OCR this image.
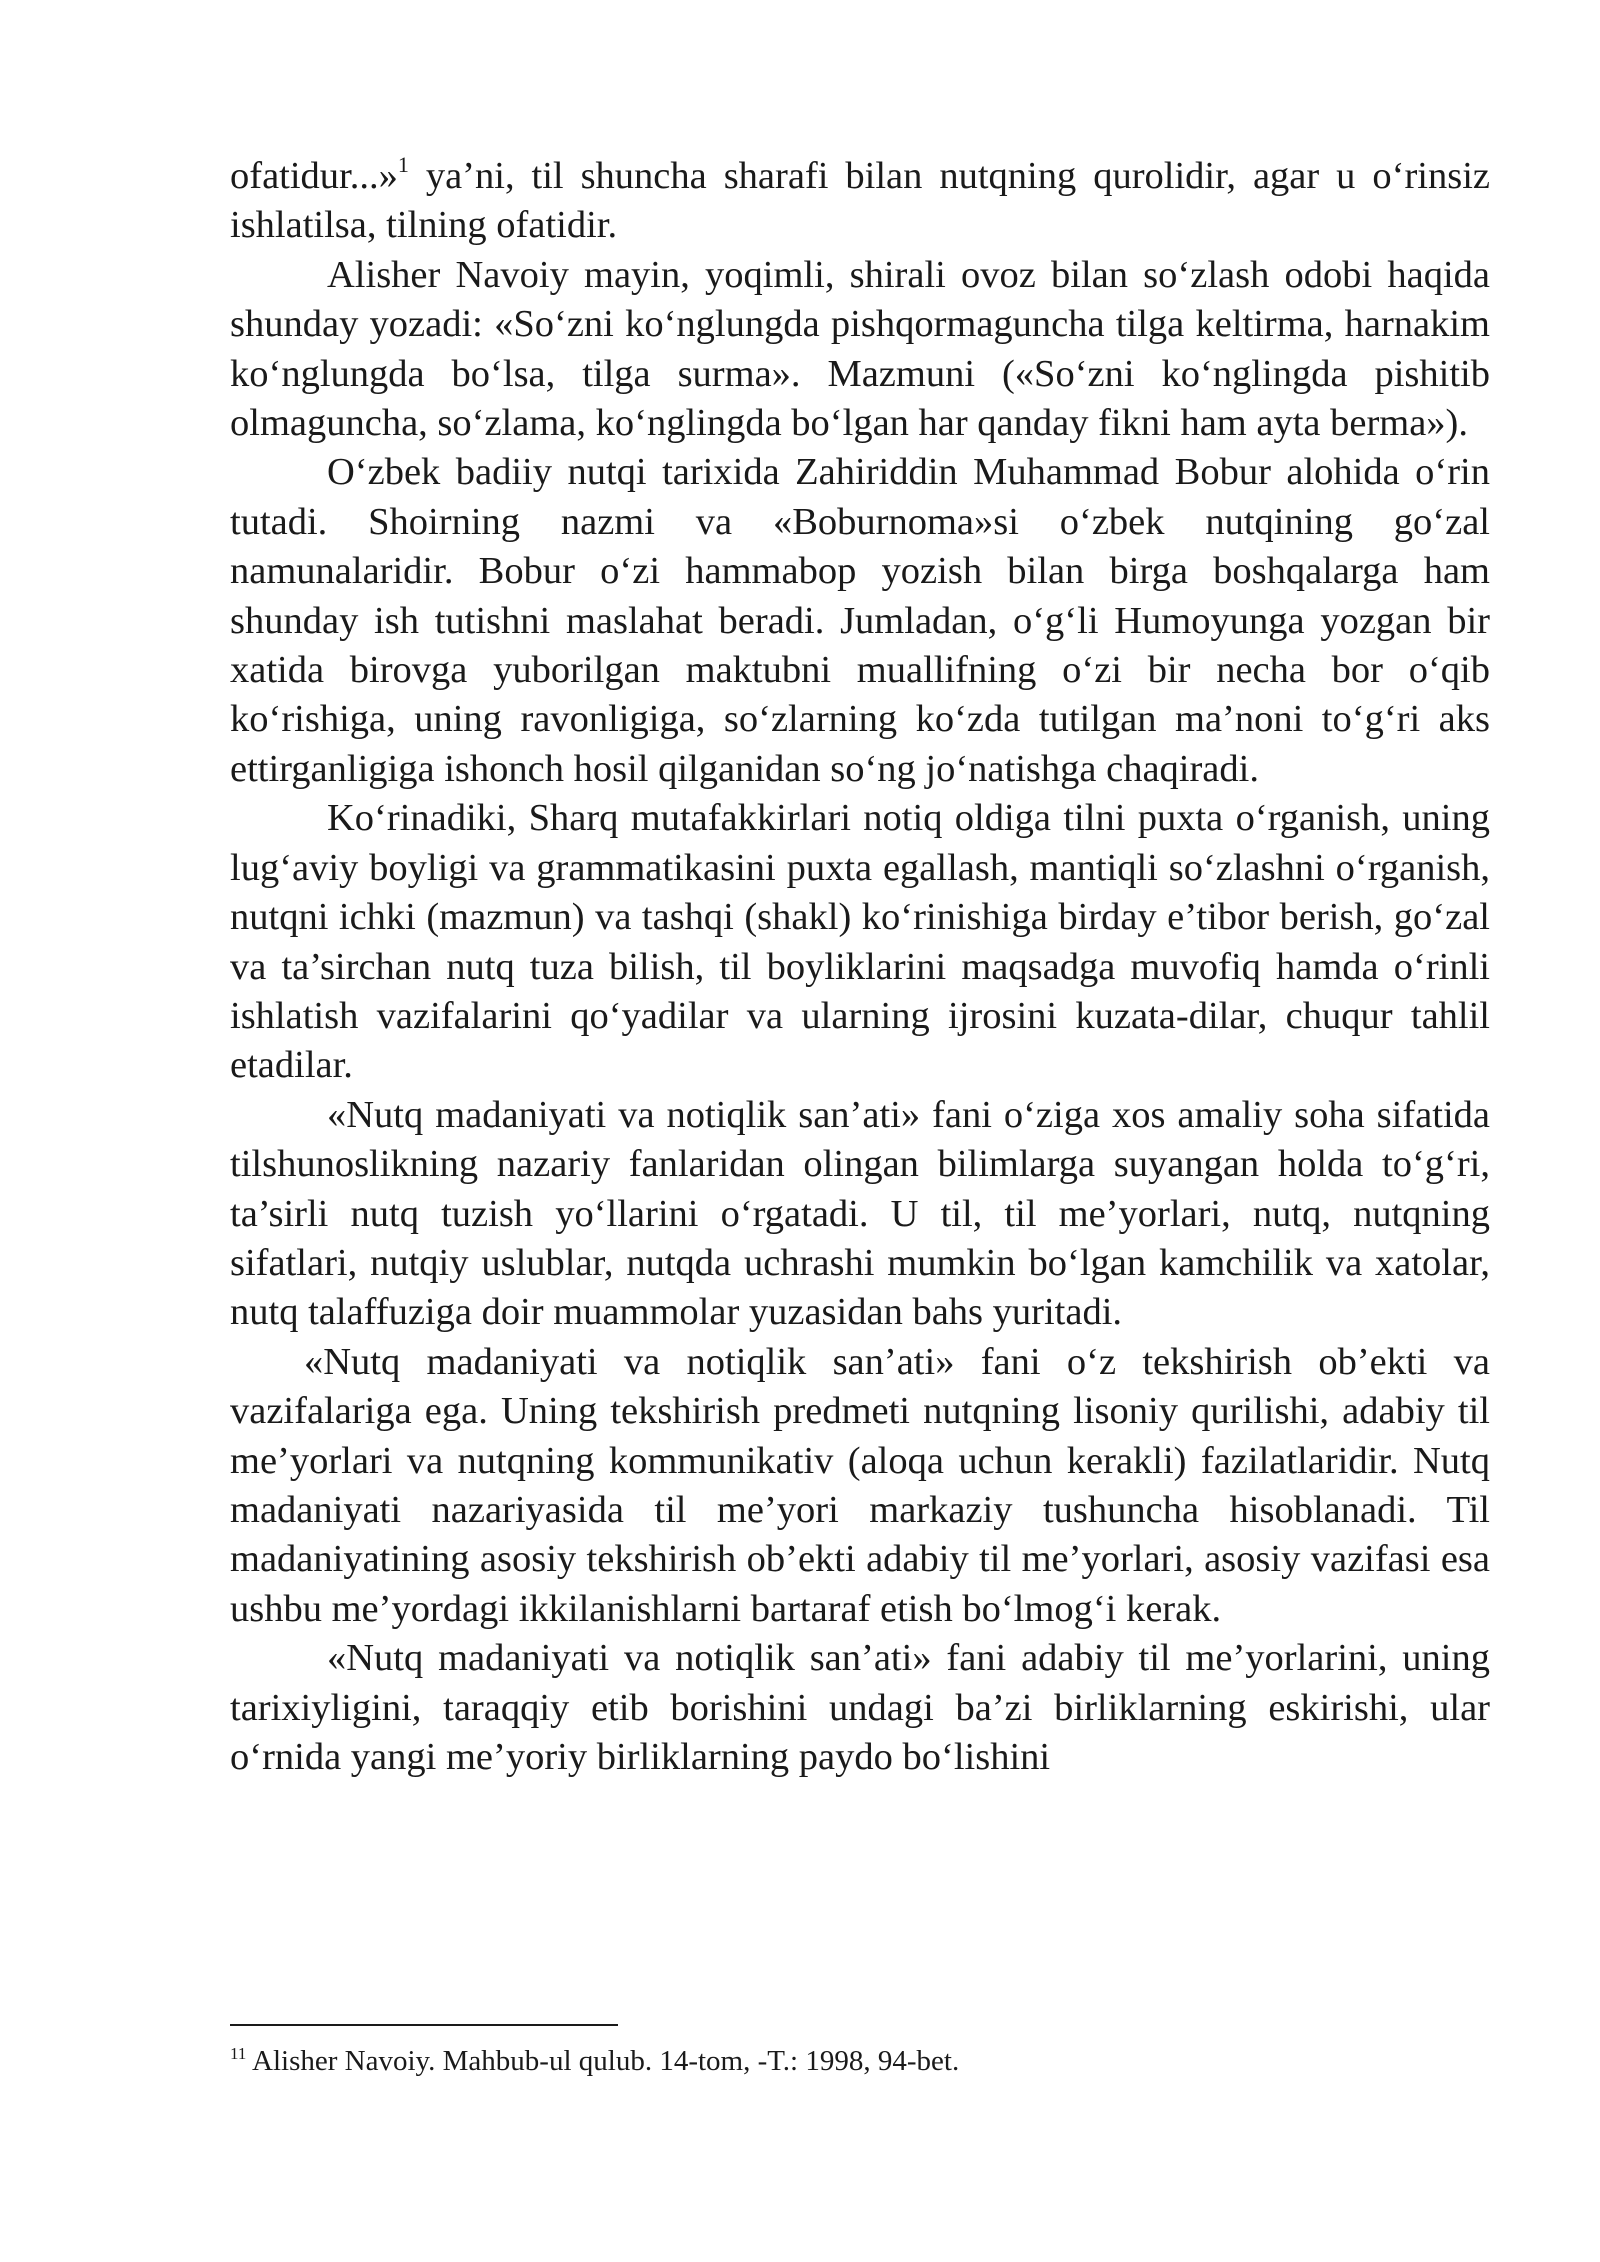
ofatidur...»$^1$ ya’ni, til shuncha sharafi bilan nutqning qurolidir, agar u o‘rinsiz ishlatilsa, tilning ofatidir.

Alisher Navoiy mayin, yoqimli, shirali ovoz bilan so‘zlash odobi haqida shunday yozadi: «So‘zni ko‘nglungda pishqormaguncha tilga keltirma, harnakim ko‘nglungda bo‘lsa, tilga surma». Mazmuni («So‘zni ko‘nglingda pishitib olmaguncha, so‘zlama, ko‘nglingda bo‘lgan har qanday fikni ham ayta berma»).

O‘zbek badiiy nutqi tarixida Zahiriddin Muhammad Bobur alohida o‘rin tutadi. Shoirning nazmi va «Boburnoma»si o‘zbek nutqining go‘zal namunalaridir. Bobur o‘zi hammabop yozish bilan birga boshqalarga ham shunday ish tutishni maslahat beradi. Jumladan, o‘g‘li Humoyunga yozgan bir xatida birovga yuborilgan maktubni muallifning o‘zi bir necha bor o‘qib ko‘rishiga, uning ravonligiga, so‘zlarning ko‘zda tutilgan ma’noni to‘g‘ri aks ettirganligiga ishonch hosil qilganidan so‘ng jo‘natishga chaqiradi.

Ko‘rinadiki, Sharq mutafakkirlari notiq oldiga tilni puxta o‘rganish, uning lug‘aviy boyligi va grammatikasini puxta egallash, mantiqli so‘zlashni o‘rganish, nutqni ichki (mazmun) va tashqi (shakl) ko‘rinishiga birday e’tibor berish, go‘zal va ta’sirchan nutq tuza bilish, til boyliklarini maqsadga muvofiq hamda o‘rinli ishlatish vazifalarini qo‘yadilar va ularning ijrosini kuzata-dilar, chuqur tahlil etadilar.

«Nutq madaniyati va notiqlik san’ati» fani o‘ziga xos amaliy soha sifatida tilshunoslikning nazariy fanlaridan olingan bilimlarga suyangan holda to‘g‘ri, ta’sirli nutq tuzish yo‘llarini o‘rgatadi. U til, til me’yorlari, nutq, nutqning sifatlari, nutqiy uslublar, nutqda uchrashi mumkin bo‘lgan kamchilik va xatolar, nutq talaffuziga doir muammolar yuzasidan bahs yuritadi.

«Nutq madaniyati va notiqlik san’ati» fani o‘z tekshirish ob’ekti va vazifalariga ega. Uning tekshirish predmeti nutqning lisoniy qurilishi, adabiy til me’yorlari va nutqning kommunikativ (aloqa uchun kerakli) fazilatlaridir. Nutq madaniyati nazariyasida til me’yori markaziy tushuncha hisoblanadi. Til madaniyatining asosiy tekshirish ob’ekti adabiy til me’yorlari, asosiy vazifasi esa ushbu me’yordagi ikkilanishlarni bartaraf etish bo‘lmog‘i kerak.

«Nutq madaniyati va notiqlik san’ati» fani adabiy til me’yorlarini, uning tarixiyligini, taraqqiy etib borishini undagi ba’zi birliklarning eskirishi, ular o‘rnida yangi me’yoriy birliklarning paydo bo‘lishini

$^{11}$ Alisher Navoiy. Mahbub-ul qulub. 14-tom, -T.: 1998, 94-bet.
